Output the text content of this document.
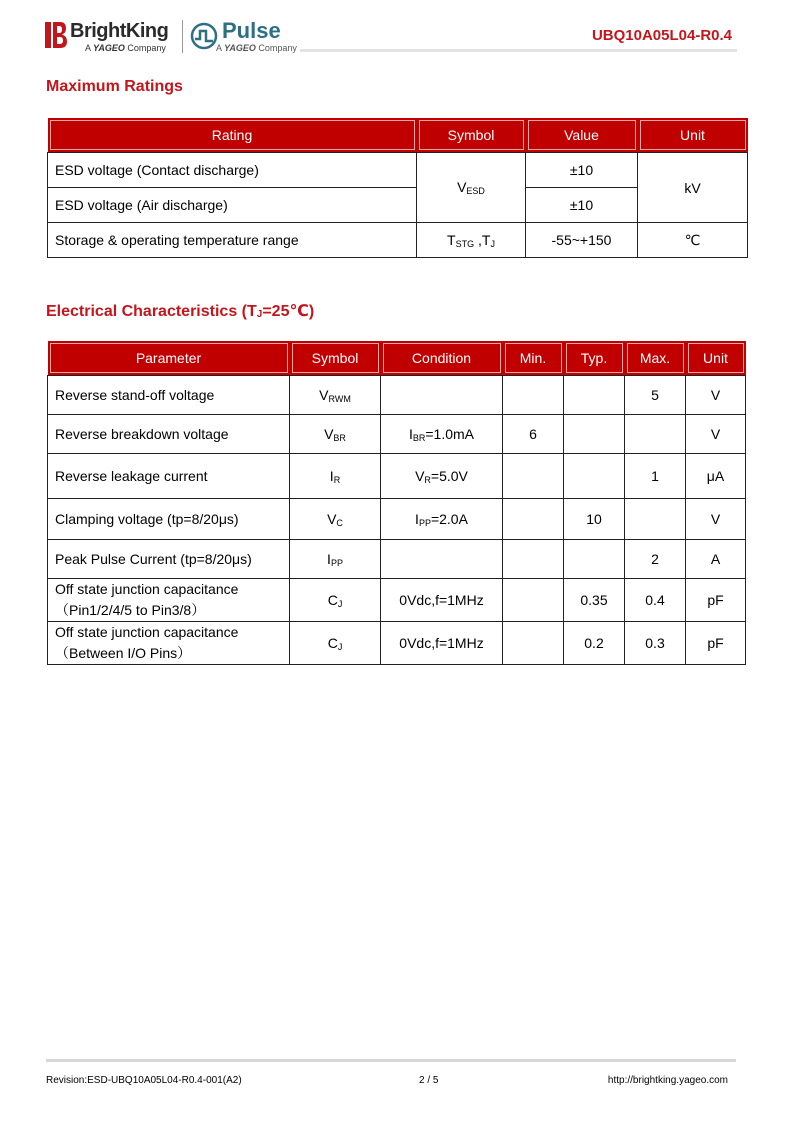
BrightKing
A YAGEO Company
Pulse
A YAGEO Company
UBQ10A05L04-R0.4
Maximum Ratings
Rating	Symbol	Value	Unit
ESD voltage (Contact discharge)	$V_{ESD}$	±10	kV
ESD voltage (Air discharge)		±10	
Storage & operating temperature range	$T_{STG}$ $,T_J$	-55~+150	℃
Electrical Characteristics $(T_J=25℃)$
Parameter	Symbol	Condition	Min.	Typ.	Max.	Unit
Reverse stand-off voltage	$V_{RWM}$				5	V
Reverse breakdown voltage	$V_{BR}$	$I_{BR}=1.0mA$	6			V
Reverse leakage current	$I_R$	$V_R=5.0V$			1	μA
Clamping voltage (tp=8/20μs)	$V_C$	$I_{PP}=2.0A$		10		V
Peak Pulse Current (tp=8/20μs)	$I_{PP}$				2	A

Off state junction capacitance
（Pin1/2/4/5 to Pin3/8）	$C_J$	0Vdc,f=1MHz		0.35	0.4	pF

Off state junction capacitance
（Between I/O Pins）	$C_J$	0Vdc,f=1MHz		0.2	0.3	pF
Revision:ESD-UBQ10A05L04-R0.4-001(A2)	2 / 5	http://brightking.yageo.com
